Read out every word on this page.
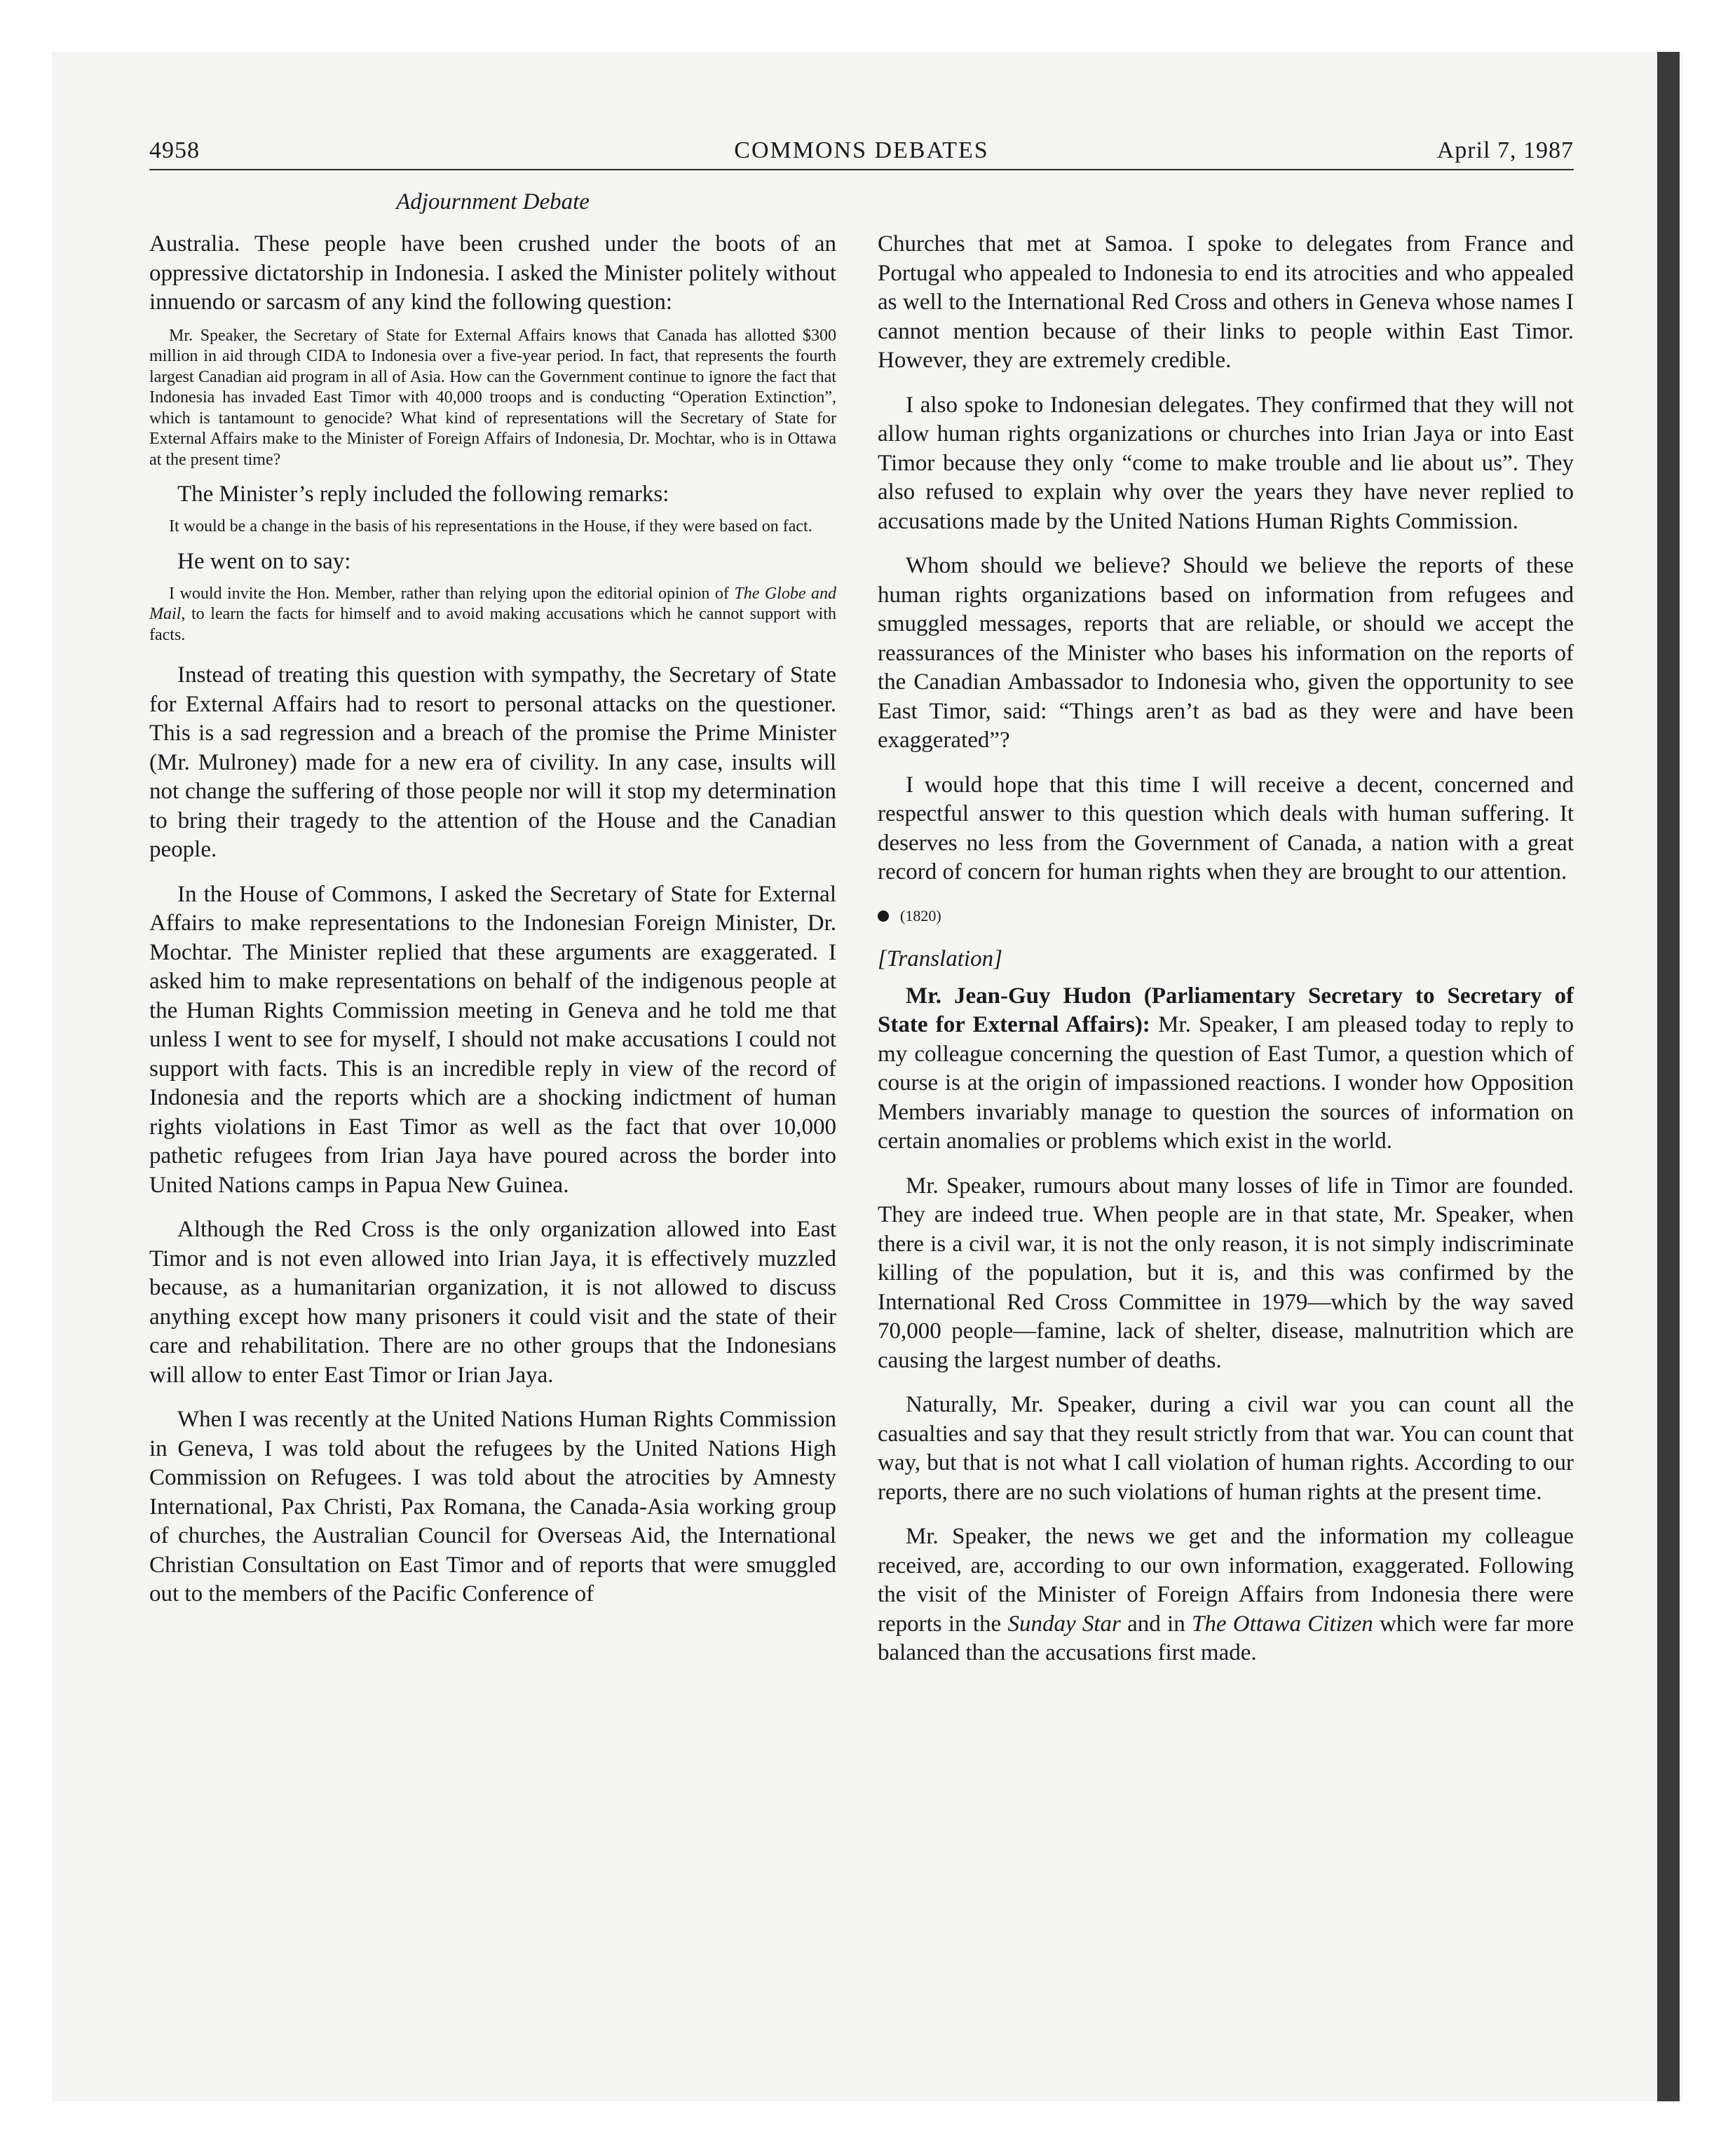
4958	COMMONS DEBATES	April 7, 1987
Adjournment Debate

Australia. These people have been crushed under the boots of an oppressive dictatorship in Indonesia. I asked the Minister politely without innuendo or sarcasm of any kind the following question:

Mr. Speaker, the Secretary of State for External Affairs knows that Canada has allotted $300 million in aid through CIDA to Indonesia over a five-year period. In fact, that represents the fourth largest Canadian aid program in all of Asia. How can the Government continue to ignore the fact that Indonesia has invaded East Timor with 40,000 troops and is conducting “Operation Extinction”, which is tantamount to genocide? What kind of representations will the Secretary of State for External Affairs make to the Minister of Foreign Affairs of Indonesia, Dr. Mochtar, who is in Ottawa at the present time?

The Minister’s reply included the following remarks:

It would be a change in the basis of his representations in the House, if they were based on fact.

He went on to say:

I would invite the Hon. Member, rather than relying upon the editorial opinion of The Globe and Mail, to learn the facts for himself and to avoid making accusations which he cannot support with facts.

Instead of treating this question with sympathy, the Secretary of State for External Affairs had to resort to personal attacks on the questioner. This is a sad regression and a breach of the promise the Prime Minister (Mr. Mulroney) made for a new era of civility. In any case, insults will not change the suffering of those people nor will it stop my determination to bring their tragedy to the attention of the House and the Canadian people.

In the House of Commons, I asked the Secretary of State for External Affairs to make representations to the Indonesian Foreign Minister, Dr. Mochtar. The Minister replied that these arguments are exaggerated. I asked him to make representations on behalf of the indigenous people at the Human Rights Commission meeting in Geneva and he told me that unless I went to see for myself, I should not make accusations I could not support with facts. This is an incredible reply in view of the record of Indonesia and the reports which are a shocking indictment of human rights violations in East Timor as well as the fact that over 10,000 pathetic refugees from Irian Jaya have poured across the border into United Nations camps in Papua New Guinea.

Although the Red Cross is the only organization allowed into East Timor and is not even allowed into Irian Jaya, it is effectively muzzled because, as a humanitarian organization, it is not allowed to discuss anything except how many prisoners it could visit and the state of their care and rehabilitation. There are no other groups that the Indonesians will allow to enter East Timor or Irian Jaya.

When I was recently at the United Nations Human Rights Commission in Geneva, I was told about the refugees by the United Nations High Commission on Refugees. I was told about the atrocities by Amnesty International, Pax Christi, Pax Romana, the Canada-Asia working group of churches, the Australian Council for Overseas Aid, the International Christian Consultation on East Timor and of reports that were smuggled out to the members of the Pacific Conference of

Churches that met at Samoa. I spoke to delegates from France and Portugal who appealed to Indonesia to end its atrocities and who appealed as well to the International Red Cross and others in Geneva whose names I cannot mention because of their links to people within East Timor. However, they are extremely credible.

I also spoke to Indonesian delegates. They confirmed that they will not allow human rights organizations or churches into Irian Jaya or into East Timor because they only “come to make trouble and lie about us”. They also refused to explain why over the years they have never replied to accusations made by the United Nations Human Rights Commission.

Whom should we believe? Should we believe the reports of these human rights organizations based on information from refugees and smuggled messages, reports that are reliable, or should we accept the reassurances of the Minister who bases his information on the reports of the Canadian Ambassador to Indonesia who, given the opportunity to see East Timor, said: “Things aren’t as bad as they were and have been exaggerated”?

I would hope that this time I will receive a decent, concerned and respectful answer to this question which deals with human suffering. It deserves no less from the Government of Canada, a nation with a great record of concern for human rights when they are brought to our attention.

(1820)
[Translation]

Mr. Jean-Guy Hudon (Parliamentary Secretary to Secretary of State for External Affairs): Mr. Speaker, I am pleased today to reply to my colleague concerning the question of East Tumor, a question which of course is at the origin of impassioned reactions. I wonder how Opposition Members invariably manage to question the sources of information on certain anomalies or problems which exist in the world.

Mr. Speaker, rumours about many losses of life in Timor are founded. They are indeed true. When people are in that state, Mr. Speaker, when there is a civil war, it is not the only reason, it is not simply indiscriminate killing of the population, but it is, and this was confirmed by the International Red Cross Committee in 1979—which by the way saved 70,000 people—famine, lack of shelter, disease, malnutrition which are causing the largest number of deaths.

Naturally, Mr. Speaker, during a civil war you can count all the casualties and say that they result strictly from that war. You can count that way, but that is not what I call violation of human rights. According to our reports, there are no such violations of human rights at the present time.

Mr. Speaker, the news we get and the information my colleague received, are, according to our own information, exaggerated. Following the visit of the Minister of Foreign Affairs from Indonesia there were reports in the Sunday Star and in The Ottawa Citizen which were far more balanced than the accusations first made.
